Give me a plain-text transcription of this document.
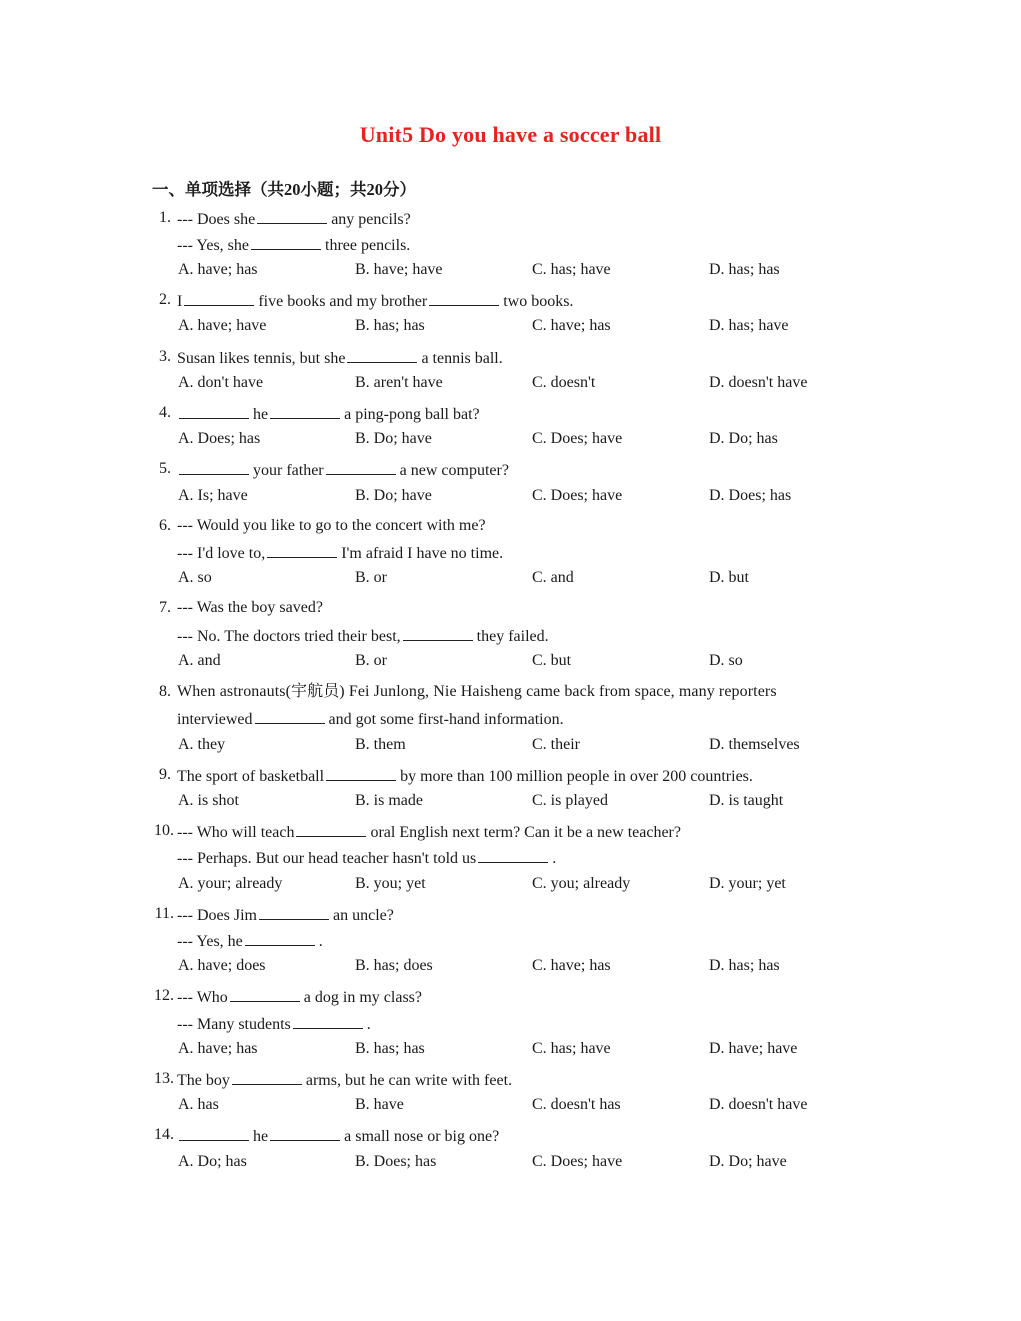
Unit5 Do you have a soccer ball
一、单项选择（共20小题；共20分）
1. --- Does she	any pencils?
--- Yes, she	three pencils.
A. have; has	B. have; have	C. has; have	D. has; has
2. I	five books and my brother	two books.
A. have; have	B. has; has	C. have; has	D. has; have
3. Susan likes tennis, but she	a tennis ball.
A. don't have	B. aren't have	C. doesn't	D. doesn't have
4.	he	a ping-pong ball bat?
A. Does; has	B. Do; have	C. Does; have	D. Do; has
5.	your father	a new computer?
A. Is; have	B. Do; have	C. Does; have	D. Does; has
6. --- Would you like to go to the concert with me?
--- I'd love to,	I'm afraid I have no time.
A. so	B. or	C. and	D. but
7. --- Was the boy saved?
--- No. The doctors tried their best,	they failed.
A. and	B. or	C. but	D. so
8. When astronauts(宇航员) Fei Junlong, Nie Haisheng came back from space, many reporters
interviewed	and got some first-hand information.
A. they	B. them	C. their	D. themselves
9. The sport of basketball	by more than 100 million people in over 200 countries.
A. is shot	B. is made	C. is played	D. is taught
10. --- Who will teach	oral English next term? Can it be a new teacher?
--- Perhaps. But our head teacher hasn't told us	.
A. your; already	B. you; yet	C. you; already	D. your; yet
11. --- Does Jim	an uncle?
--- Yes, he	.
A. have; does	B. has; does	C. have; has	D. has; has
12. --- Who	a dog in my class?
--- Many students	.
A. have; has	B. has; has	C. has; have	D. have; have
13. The boy	arms, but he can write with feet.
A. has	B. have	C. doesn't has	D. doesn't have
14.	he	a small nose or big one?
A. Do; has	B. Does; has	C. Does; have	D. Do; have
